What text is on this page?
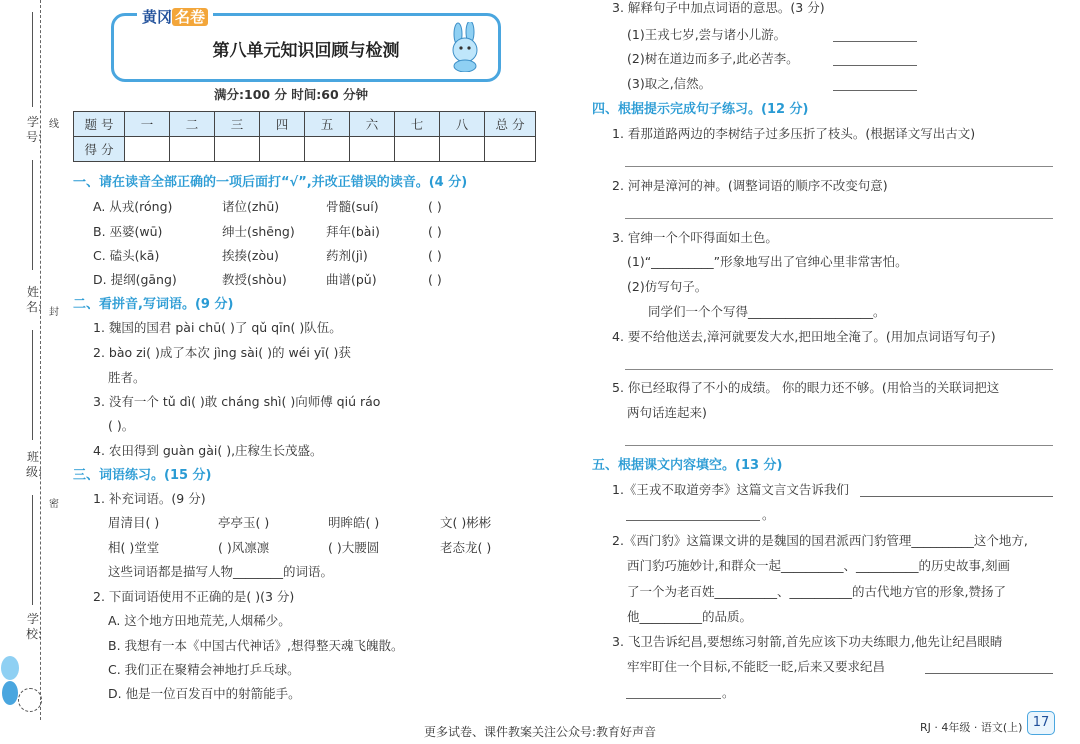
学号:
姓名:
班级:
学校:
线
封
密
第八单元知识回顾与检测
黄冈 名卷
满分:100 分 时间:60 分钟
题 号	一	二	三	四	五	六	七	八	总 分
得 分									
一、请在读音全部正确的一项后面打“√”,并改正错误的读音。(4 分)
A. 从戎(róng)	诸位(zhū)	骨髓(suí)	( )
B. 巫婆(wū)	绅士(shēng)	拜年(bài)	( )
C. 磕头(kā)	挨揍(zòu)	药剂(jì)	( )
D. 提纲(gāng)	教授(shòu)	曲谱(pǔ)	( )
二、看拼音,写词语。(9 分)
1. 魏国的国君 pài chū( )了 qǔ qīn( )队伍。
2. bào zi( )成了本次 jìng sài( )的 wéi yī( )获
胜者。
3. 没有一个 tǔ dì( )敢 cháng shì( )向师傅 qiú ráo
( )。
4. 农田得到 guàn gài( ),庄稼生长茂盛。
三、词语练习。(15 分)
1. 补充词语。(9 分)
眉清目( )	亭亭玉( )	明眸皓( )	文( )彬彬
相( )堂堂	( )风凛凛	( )大腰圆	老态龙( )
这些词语都是描写人物________的词语。
2. 下面词语使用不正确的是( )(3 分)
A. 这个地方田地荒芜,人烟稀少。
B. 我想有一本《中国古代神话》,想得整天魂飞魄散。
C. 我们正在聚精会神地打乒乓球。
D. 他是一位百发百中的射箭能手。
3. 解释句子中加点词语的意思。(3 分)
(1)王戎七岁,尝与诸小儿游。
(2)树在道边而多子,此必苦李。
(3)取之,信然。
四、根据提示完成句子练习。(12 分)
1. 看那道路两边的李树结子过多压折了枝头。(根据译文写出古文)
2. 河神是漳河的神。(调整词语的顺序不改变句意)
3. 官绅一个个吓得面如土色。
(1)“__________”形象地写出了官绅心里非常害怕。
(2)仿写句子。
同学们一个个写得____________________。
4. 要不给他送去,漳河就要发大水,把田地全淹了。(用加点词语写句子)
5. 你已经取得了不小的成绩。 你的眼力还不够。(用恰当的关联词把这
两句话连起来)
五、根据课文内容填空。(13 分)
1.《王戎不取道旁李》这篇文言文告诉我们
。
2.《西门豹》这篇课文讲的是魏国的国君派西门豹管理__________这个地方,
西门豹巧施妙计,和群众一起__________、__________的历史故事,刻画
了一个为老百姓__________、__________的古代地方官的形象,赞扬了
他__________的品质。
3. 飞卫告诉纪昌,要想练习射箭,首先应该下功夫练眼力,他先让纪昌眼睛
牢牢盯住一个目标,不能眨一眨,后来又要求纪昌
。
更多试卷、课件教案关注公众号:教育好声音	RJ · 4年级 · 语文(上) 17
